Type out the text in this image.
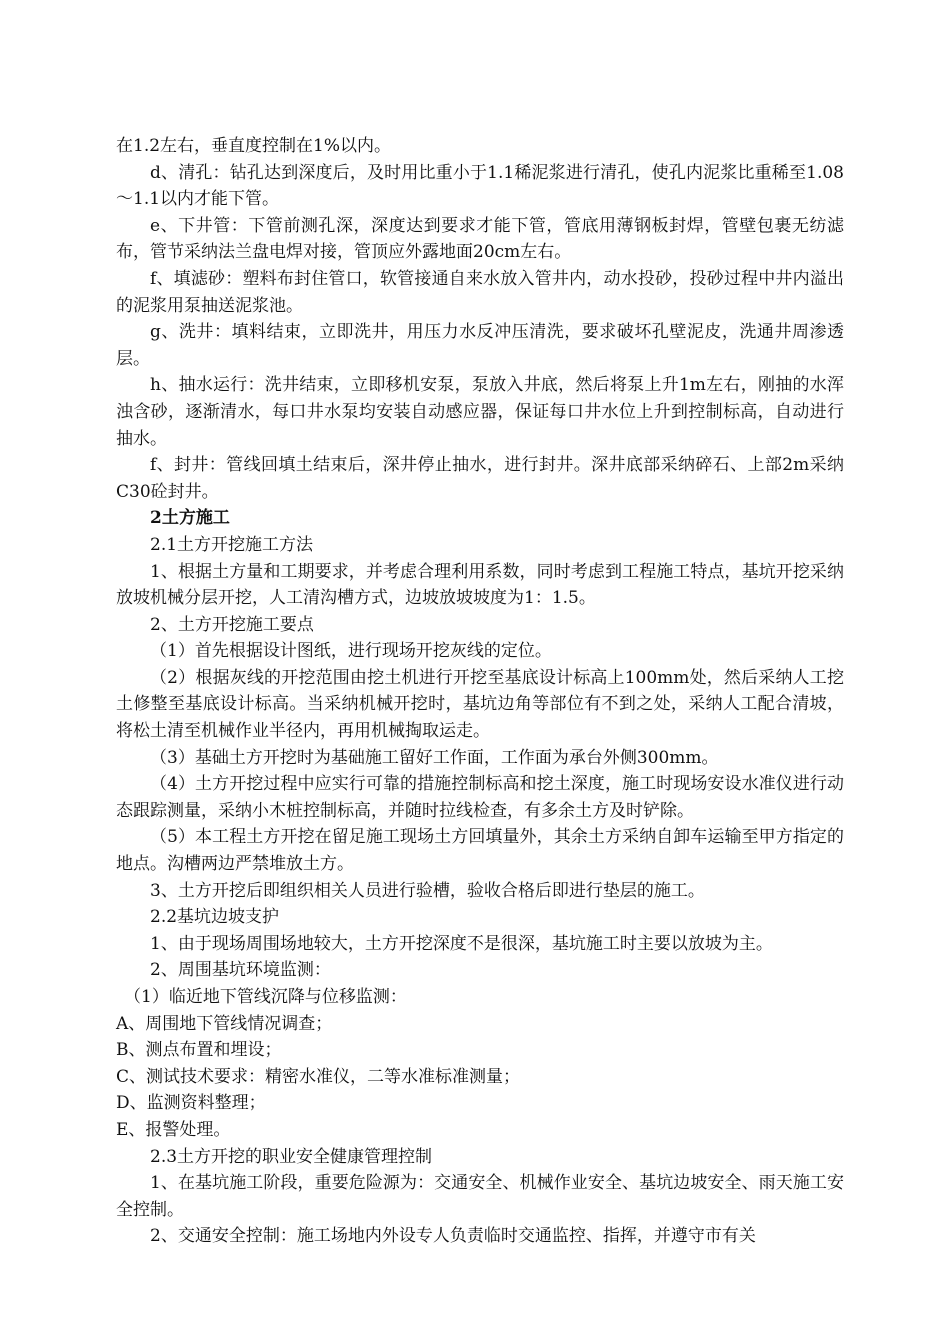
在1.2左右，垂直度控制在1%以内。

d、清孔：钻孔达到深度后，及时用比重小于1.1稀泥浆进行清孔，使孔内泥浆比重稀至1.08～1.1以内才能下管。

e、下井管：下管前测孔深，深度达到要求才能下管，管底用薄钢板封焊，管壁包裹无纺滤布，管节采纳法兰盘电焊对接，管顶应外露地面20cm左右。

f、填滤砂：塑料布封住管口，软管接通自来水放入管井内，动水投砂，投砂过程中井内溢出的泥浆用泵抽送泥浆池。

g、洗井：填料结束，立即洗井，用压力水反冲压清洗，要求破坏孔壁泥皮，洗通井周渗透层。

h、抽水运行：洗井结束，立即移机安泵，泵放入井底，然后将泵上升1m左右，刚抽的水浑浊含砂，逐渐清水，每口井水泵均安装自动感应器，保证每口井水位上升到控制标高，自动进行抽水。

f、封井：管线回填土结束后，深井停止抽水，进行封井。深井底部采纳碎石、上部2m采纳C30砼封井。

2土方施工

2.1土方开挖施工方法

1、根据土方量和工期要求，并考虑合理利用系数，同时考虑到工程施工特点，基坑开挖采纳放坡机械分层开挖，人工清沟槽方式，边坡放坡坡度为1：1.5。

2、土方开挖施工要点

（1）首先根据设计图纸，进行现场开挖灰线的定位。

（2）根据灰线的开挖范围由挖土机进行开挖至基底设计标高上100mm处，然后采纳人工挖土修整至基底设计标高。当采纳机械开挖时，基坑边角等部位有不到之处，采纳人工配合清坡，将松土清至机械作业半径内，再用机械掏取运走。

（3）基础土方开挖时为基础施工留好工作面，工作面为承台外侧300mm。

（4）土方开挖过程中应实行可靠的措施控制标高和挖土深度，施工时现场安设水准仪进行动态跟踪测量，采纳小木桩控制标高，并随时拉线检查，有多余土方及时铲除。

（5）本工程土方开挖在留足施工现场土方回填量外，其余土方采纳自卸车运输至甲方指定的地点。沟槽两边严禁堆放土方。

3、土方开挖后即组织相关人员进行验槽，验收合格后即进行垫层的施工。

2.2基坑边坡支护

1、由于现场周围场地较大，土方开挖深度不是很深，基坑施工时主要以放坡为主。

2、周围基坑环境监测：

（1）临近地下管线沉降与位移监测：

A、周围地下管线情况调查；

B、测点布置和埋设；

C、测试技术要求：精密水准仪，二等水准标准测量；

D、监测资料整理；

E、报警处理。

2.3土方开挖的职业安全健康管理控制

1、在基坑施工阶段，重要危险源为：交通安全、机械作业安全、基坑边坡安全、雨天施工安全控制。

2、交通安全控制：施工场地内外设专人负责临时交通监控、指挥，并遵守市有关
